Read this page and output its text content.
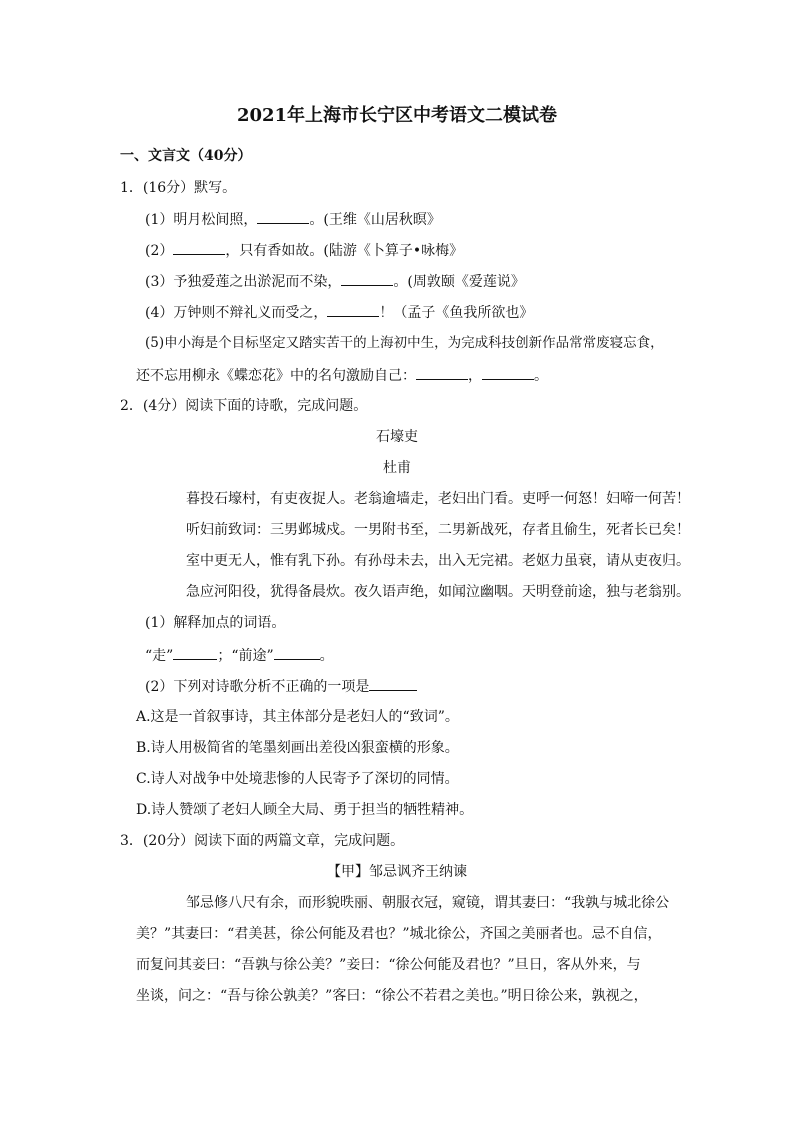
2021年上海市长宁区中考语文二模试卷
一、文言文（40分）
1．(16分）默写。
(1）明月松间照，	。(王维《山居秋暝》
(2）	，只有香如故。(陆游《卜算子•咏梅》
(3）予独爱莲之出淤泥而不染，	。(周敦颐《爱莲说》
(4）万钟则不辩礼义而受之，	！（孟子《鱼我所欲也》
(5)申小海是个目标坚定又踏实苦干的上海初中生，为完成科技创新作品常常废寝忘食，
还不忘用柳永《蝶恋花》中的名句激励自己：	，	。
2．(4分）阅读下面的诗歌，完成问题。
石壕吏
杜甫
暮投石壕村，有吏夜捉人。老翁逾墙走，老妇出门看。吏呼一何怒！妇啼一何苦！
听妇前致词：三男邺城戍。一男附书至，二男新战死，存者且偷生，死者长已矣！
室中更无人，惟有乳下孙。有孙母未去，出入无完裙。老妪力虽衰，请从吏夜归。
急应河阳役，犹得备晨炊。夜久语声绝，如闻泣幽咽。天明登前途，独与老翁别。
(1）解释加点的词语。
“走”	；“前途”	。
(2）下列对诗歌分析不正确的一项是
A.这是一首叙事诗，其主体部分是老妇人的“致词”。
B.诗人用极简省的笔墨刻画出差役凶狠蛮横的形象。
C.诗人对战争中处境悲惨的人民寄予了深切的同情。
D.诗人赞颂了老妇人顾全大局、勇于担当的牺牲精神。
3．(20分）阅读下面的两篇文章，完成问题。
【甲】邹忌讽齐王纳谏
邹忌修八尺有余，而形貌昳丽、朝服衣冠，窥镜，谓其妻曰：“我孰与城北徐公
美？”其妻曰：“君美甚，徐公何能及君也？”城北徐公，齐国之美丽者也。忌不自信，
而复问其妾曰：“吾孰与徐公美？”妾曰：“徐公何能及君也？”旦日，客从外来，与
坐谈，问之：“吾与徐公孰美？”客曰：“徐公不若君之美也。”明日徐公来，孰视之，
